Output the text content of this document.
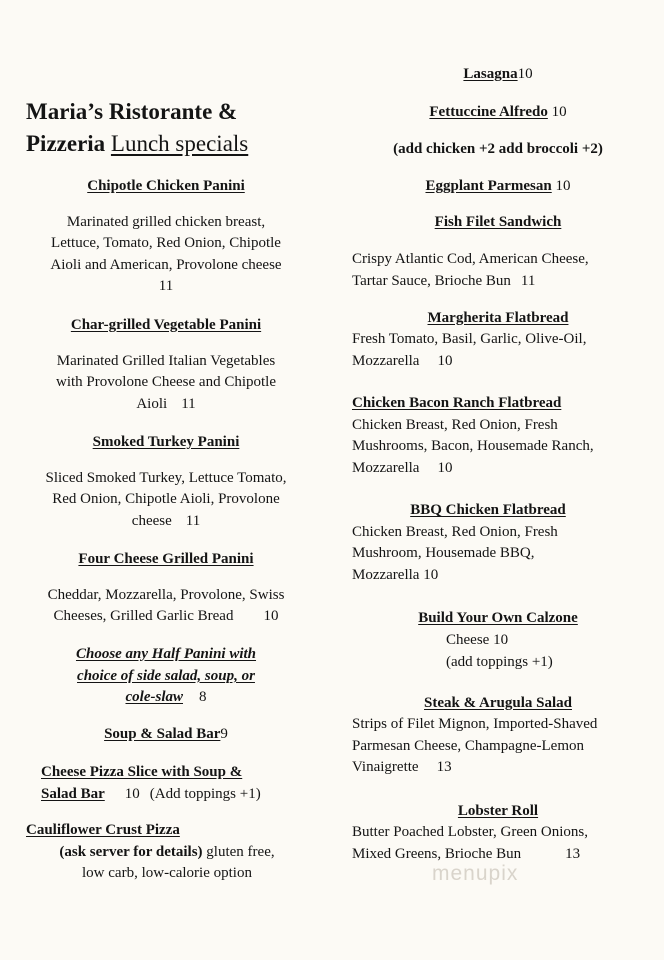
Maria’s Ristorante &
Pizzeria Lunch specials
Chipotle Chicken Panini
Marinated grilled chicken breast,
Lettuce, Tomato, Red Onion, Chipotle
Aioli and American, Provolone cheese
11
Char-grilled Vegetable Panini
Marinated Grilled Italian Vegetables
with Provolone Cheese and Chipotle
Aioli 11
Smoked Turkey Panini
Sliced Smoked Turkey, Lettuce Tomato,
Red Onion, Chipotle Aioli, Provolone
cheese 11
Four Cheese Grilled Panini
Cheddar, Mozzarella, Provolone, Swiss
Cheeses, Grilled Garlic Bread 10
Choose any Half Panini with
choice of side salad, soup, or
cole-slaw 8
Soup & Salad Bar9
Cheese Pizza Slice with Soup &
Salad Bar 10 (Add toppings +1)
Cauliflower Crust Pizza
(ask server for details) gluten free,
low carb, low-calorie option
Lasagna10
Fettuccine Alfredo 10
(add chicken +2 add broccoli +2)
Eggplant Parmesan 10
Fish Filet Sandwich
Crispy Atlantic Cod, American Cheese,
Tartar Sauce, Brioche Bun 11
Margherita Flatbread
Fresh Tomato, Basil, Garlic, Olive-Oil,
Mozzarella 10
Chicken Bacon Ranch Flatbread
Chicken Breast, Red Onion, Fresh
Mushrooms, Bacon, Housemade Ranch,
Mozzarella 10
BBQ Chicken Flatbread
Chicken Breast, Red Onion, Fresh
Mushroom, Housemade BBQ,
Mozzarella 10
Build Your Own Calzone
Cheese 10
(add toppings +1)
Steak & Arugula Salad
Strips of Filet Mignon, Imported-Shaved
Parmesan Cheese, Champagne-Lemon
Vinaigrette 13
Lobster Roll
Butter Poached Lobster, Green Onions,
Mixed Greens, Brioche Bun	13
menupix
